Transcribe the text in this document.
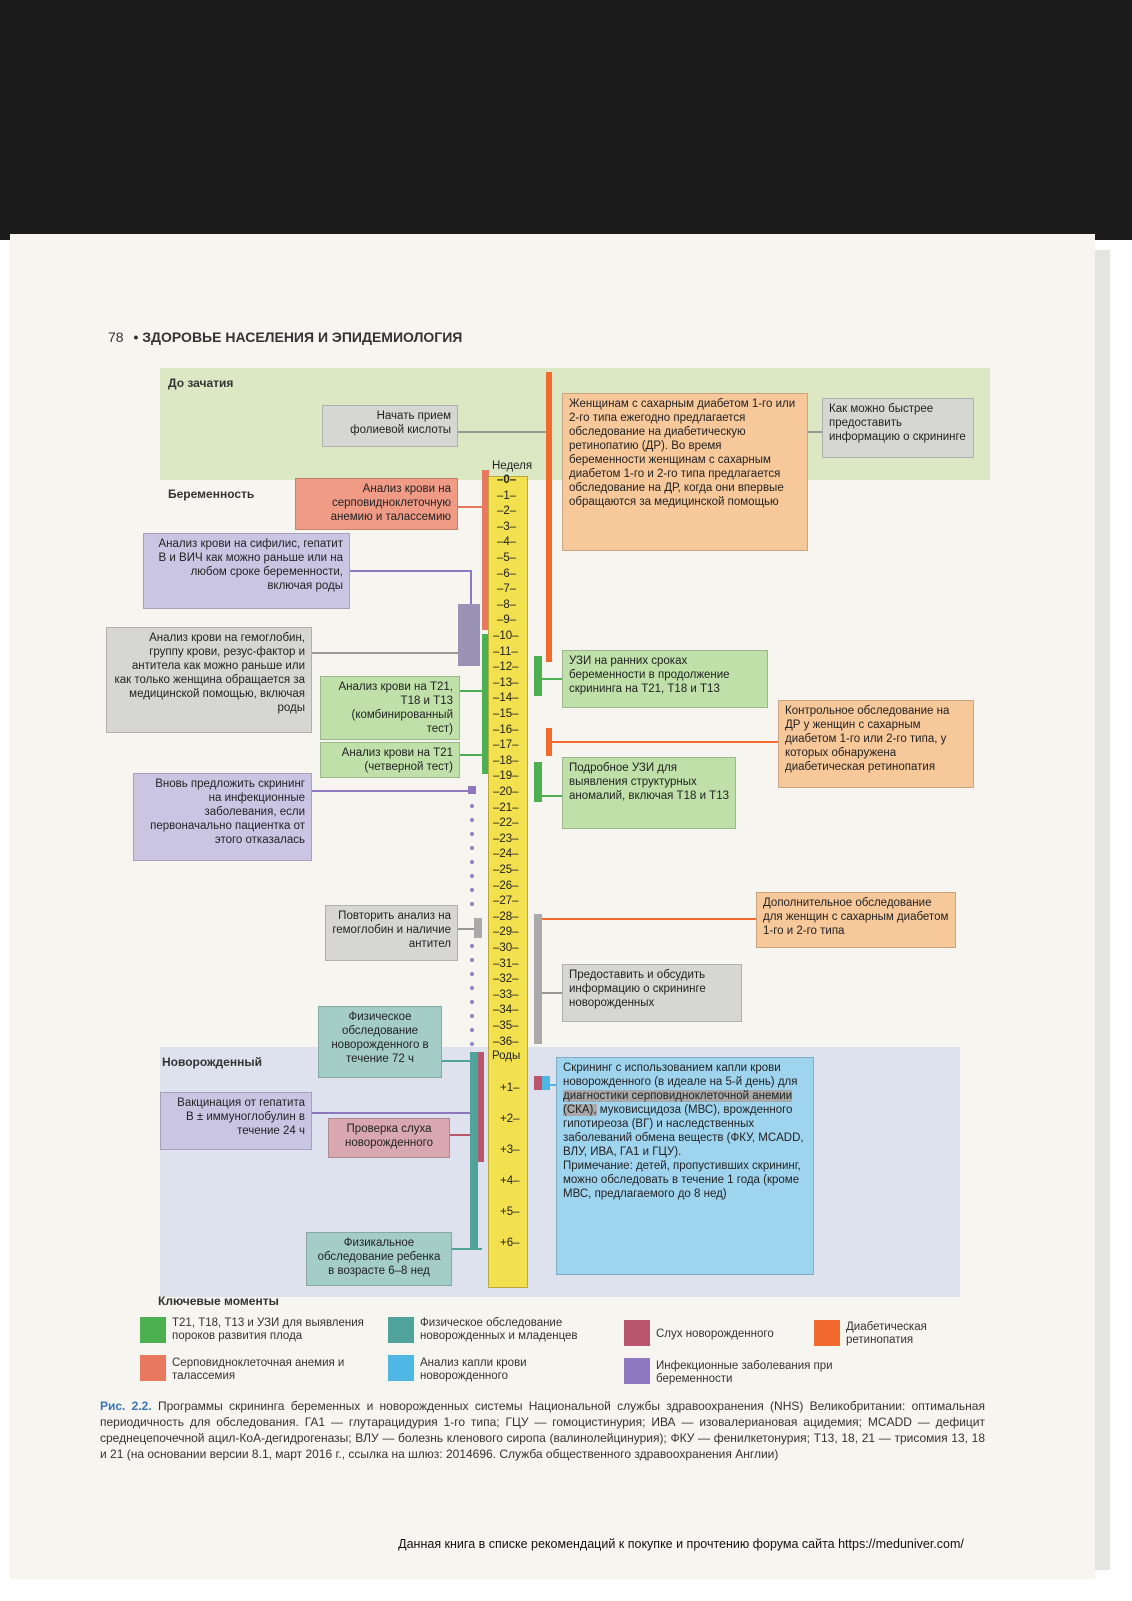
78 • ЗДОРОВЬЕ НАСЕЛЕНИЯ И ЭПИДЕМИОЛОГИЯ
До зачатия
Беременность
Новорожденный
Неделя
Роды
–0–
–1–
–2–
–3–
–4–
–5–
–6–
–7–
–8–
–9–
–10–
–11–
–12–
–13–
–14–
–15–
–16–
–17–
–18–
–19–
–20–
–21–
–22–
–23–
–24–
–25–
–26–
–27–
–28–
–29–
–30–
–31–
–32–
–33–
–34–
–35–
–36–
+1–
+2–
+3–
+4–
+5–
+6–
Начать прием фолиевой кислоты
Как можно быстрее предоставить информацию о скрининге
Женщинам с сахарным диабетом 1-го или 2-го типа ежегодно предлагается обследование на диабетическую ретинопатию (ДР). Во время беременности женщинам с сахарным диабетом 1-го и 2-го типа предлагается обследование на ДР, когда они впервые обращаются за медицинской помощью
Анализ крови на серповидноклеточную анемию и талассемию
Анализ крови на сифилис, гепатит В и ВИЧ как можно раньше или на любом сроке беременности, включая роды
Анализ крови на гемоглобин, группу крови, резус-фактор и антитела как можно раньше или как только женщина обращается за медицинской помощью, включая роды
Анализ крови на Т21, Т18 и Т13 (комбинированный тест)
Анализ крови на Т21 (четверной тест)
УЗИ на ранних сроках беременности в продолжение скрининга на Т21, Т18 и Т13
Контрольное обследование на ДР у женщин с сахарным диабетом 1-го или 2-го типа, у которых обнаружена диабетическая ретинопатия
Подробное УЗИ для выявления структурных аномалий, включая Т18 и Т13
Вновь предложить скрининг на инфекционные заболевания, если первоначально пациентка от этого отказалась
Дополнительное обследование для женщин с сахарным диабетом 1-го и 2-го типа
Повторить анализ на гемоглобин и наличие антител
Предоставить и обсудить информацию о скрининге новорожденных
Физическое обследование новорожденного в течение 72 ч
Скрининг с использованием капли крови новорожденного (в идеале на 5-й день) для диагностики серповидноклеточной анемии (СКА), муковисцидоза (МВС), врожденного гипотиреоза (ВГ) и наследственных заболеваний обмена веществ (ФКУ, MCADD, ВЛУ, ИВА, ГА1 и ГЦУ).
Примечание: детей, пропустивших скрининг, можно обследовать в течение 1 года (кроме МВС, предлагаемого до 8 нед)
Вакцинация от гепатита В ± иммуноглобулин в течение 24 ч	Проверка слуха новорожденного
Физикальное обследование ребенка в возрасте 6–8 нед
Ключевые моменты
Т21, Т18, Т13 и УЗИ для выявления пороков развития плода
Физическое обследование новорожденных и младенцев	Слух новорожденного
Диабетическая ретинопатия
Серповидноклеточная анемия и талассемия
Анализ капли крови новорожденного
Инфекционные заболевания при беременности
Рис. 2.2. Программы скрининга беременных и новорожденных системы Национальной службы здравоохранения (NHS) Великобритании: оптимальная периодичность для обследования. ГА1 — глутарацидурия 1-го типа; ГЦУ — гомоцистинурия; ИВА — изовалериановая ацидемия; MCADD — дефицит среднецепочечной ацил-КоА-дегидрогеназы; ВЛУ — болезнь кленового сиропа (валинолейцинурия); ФКУ — фенилкетонурия; Т13, 18, 21 — трисомия 13, 18 и 21 (на основании версии 8.1, март 2016 г., ссылка на шлюз: 2014696. Служба общественного здравоохранения Англии)
Данная книга в списке рекомендаций к покупке и прочтению форума сайта https://meduniver.com/
